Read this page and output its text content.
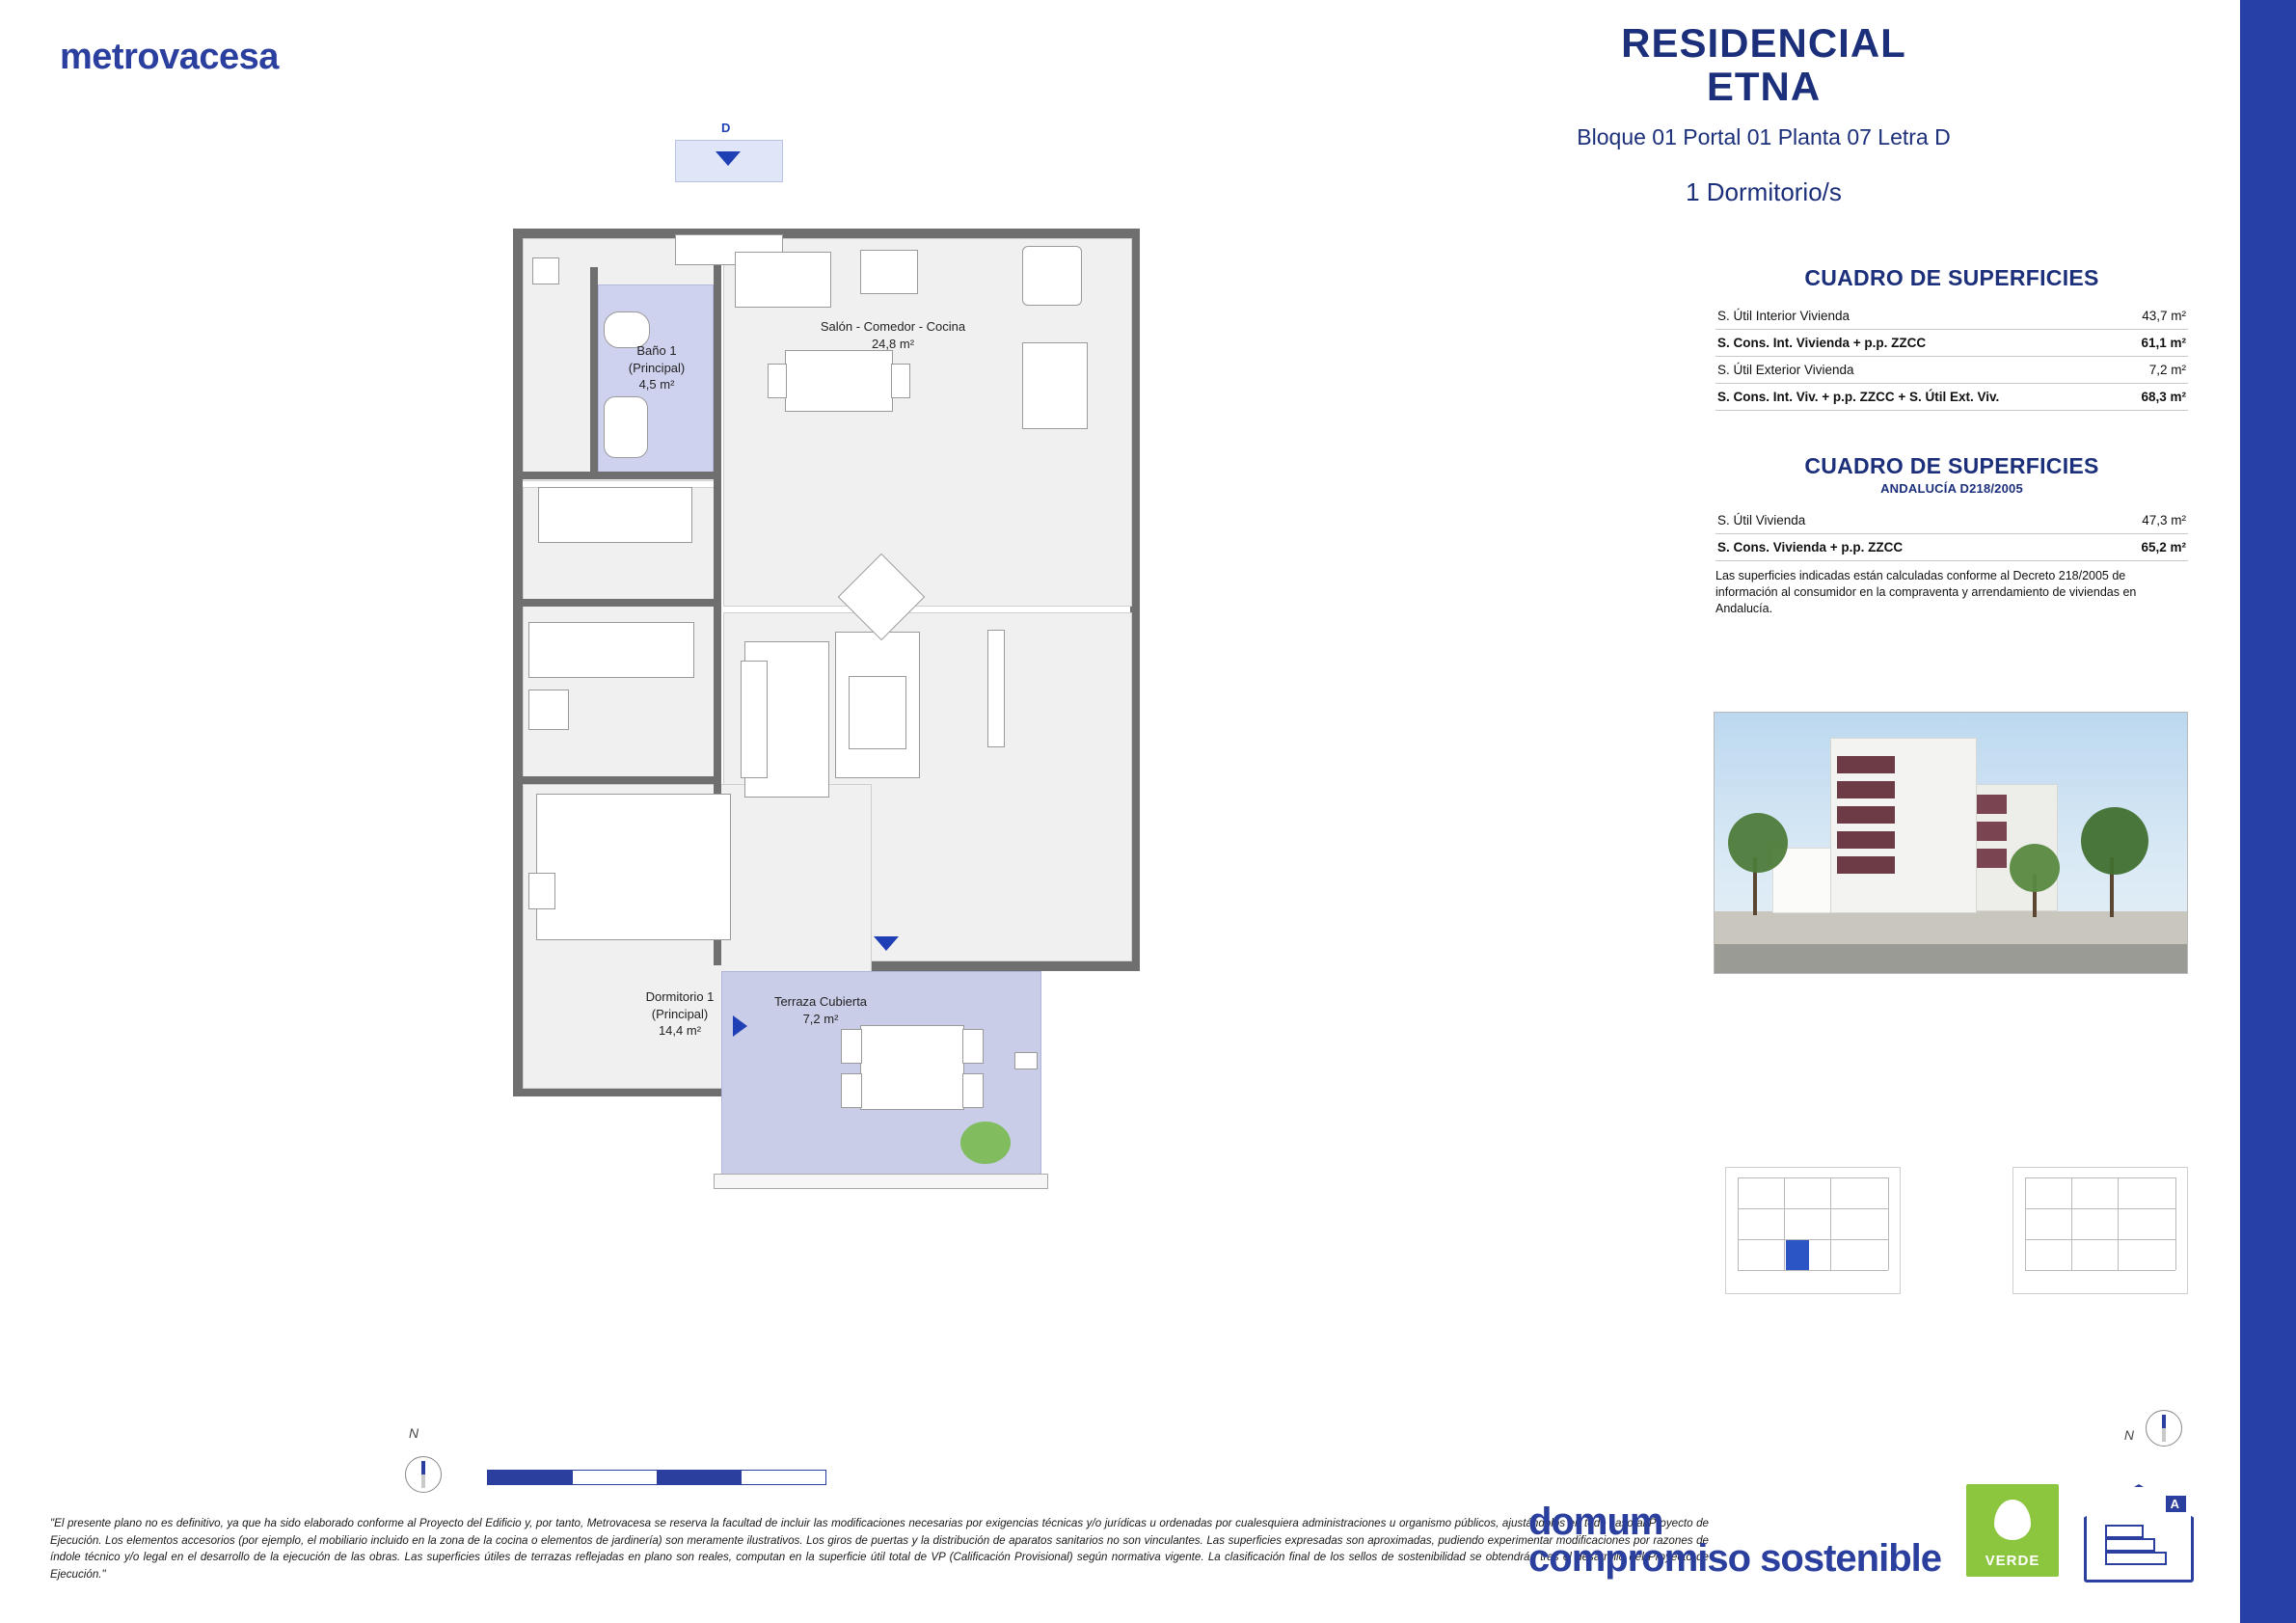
metrovacesa	RESIDENCIAL
ETNA
Bloque 01 Portal 01 Planta 07 Letra D
1 Dormitorio/s
CUADRO DE SUPERFICIES
S. Útil Interior Vivienda	43,7 m²
S. Cons. Int. Vivienda + p.p. ZZCC	61,1 m²
S. Útil Exterior Vivienda	7,2 m²
S. Cons. Int. Viv. + p.p. ZZCC + S. Útil Ext. Viv.	68,3 m²
CUADRO DE SUPERFICIES
ANDALUCÍA D218/2005
S. Útil Vivienda	47,3 m²
S. Cons. Vivienda + p.p. ZZCC	65,2 m²
Las superficies indicadas están calculadas conforme al Decreto 218/2005 de información al consumidor en la compraventa y arrendamiento de viviendas en Andalucía.
D
Baño 1
(Principal)
4,5 m²
Salón - Comedor - Cocina
24,8 m²
Dormitorio 1
(Principal)
14,4 m²
Terraza Cubierta
7,2 m²
N	N
"El presente plano no es definitivo, ya que ha sido elaborado conforme al Proyecto del Edificio y, por tanto, Metrovacesa se reserva la facultad de incluir las modificaciones necesarias por exigencias técnicas y/o jurídicas u ordenadas por cualesquiera administraciones u organismo públicos, ajustándolos en todo caso al Proyecto de Ejecución. Los elementos accesorios (por ejemplo, el mobiliario incluido en la zona de la cocina o elementos de jardinería) son meramente ilustrativos. Los giros de puertas y la distribución de aparatos sanitarios no son vinculantes. Las superficies expresadas son aproximadas, pudiendo experimentar modificaciones por razones de índole técnico y/o legal en el desarrollo de la ejecución de las obras. Las superficies útiles de terrazas reflejadas en plano son reales, computan en la superficie útil total de VP (Calificación Provisional) según normativa vigente. La clasificación final de los sellos de sostenibilidad se obtendrán tras el desarrollo del Proyecto de Ejecución."
domum
compromiso sostenible	VERDE
A
